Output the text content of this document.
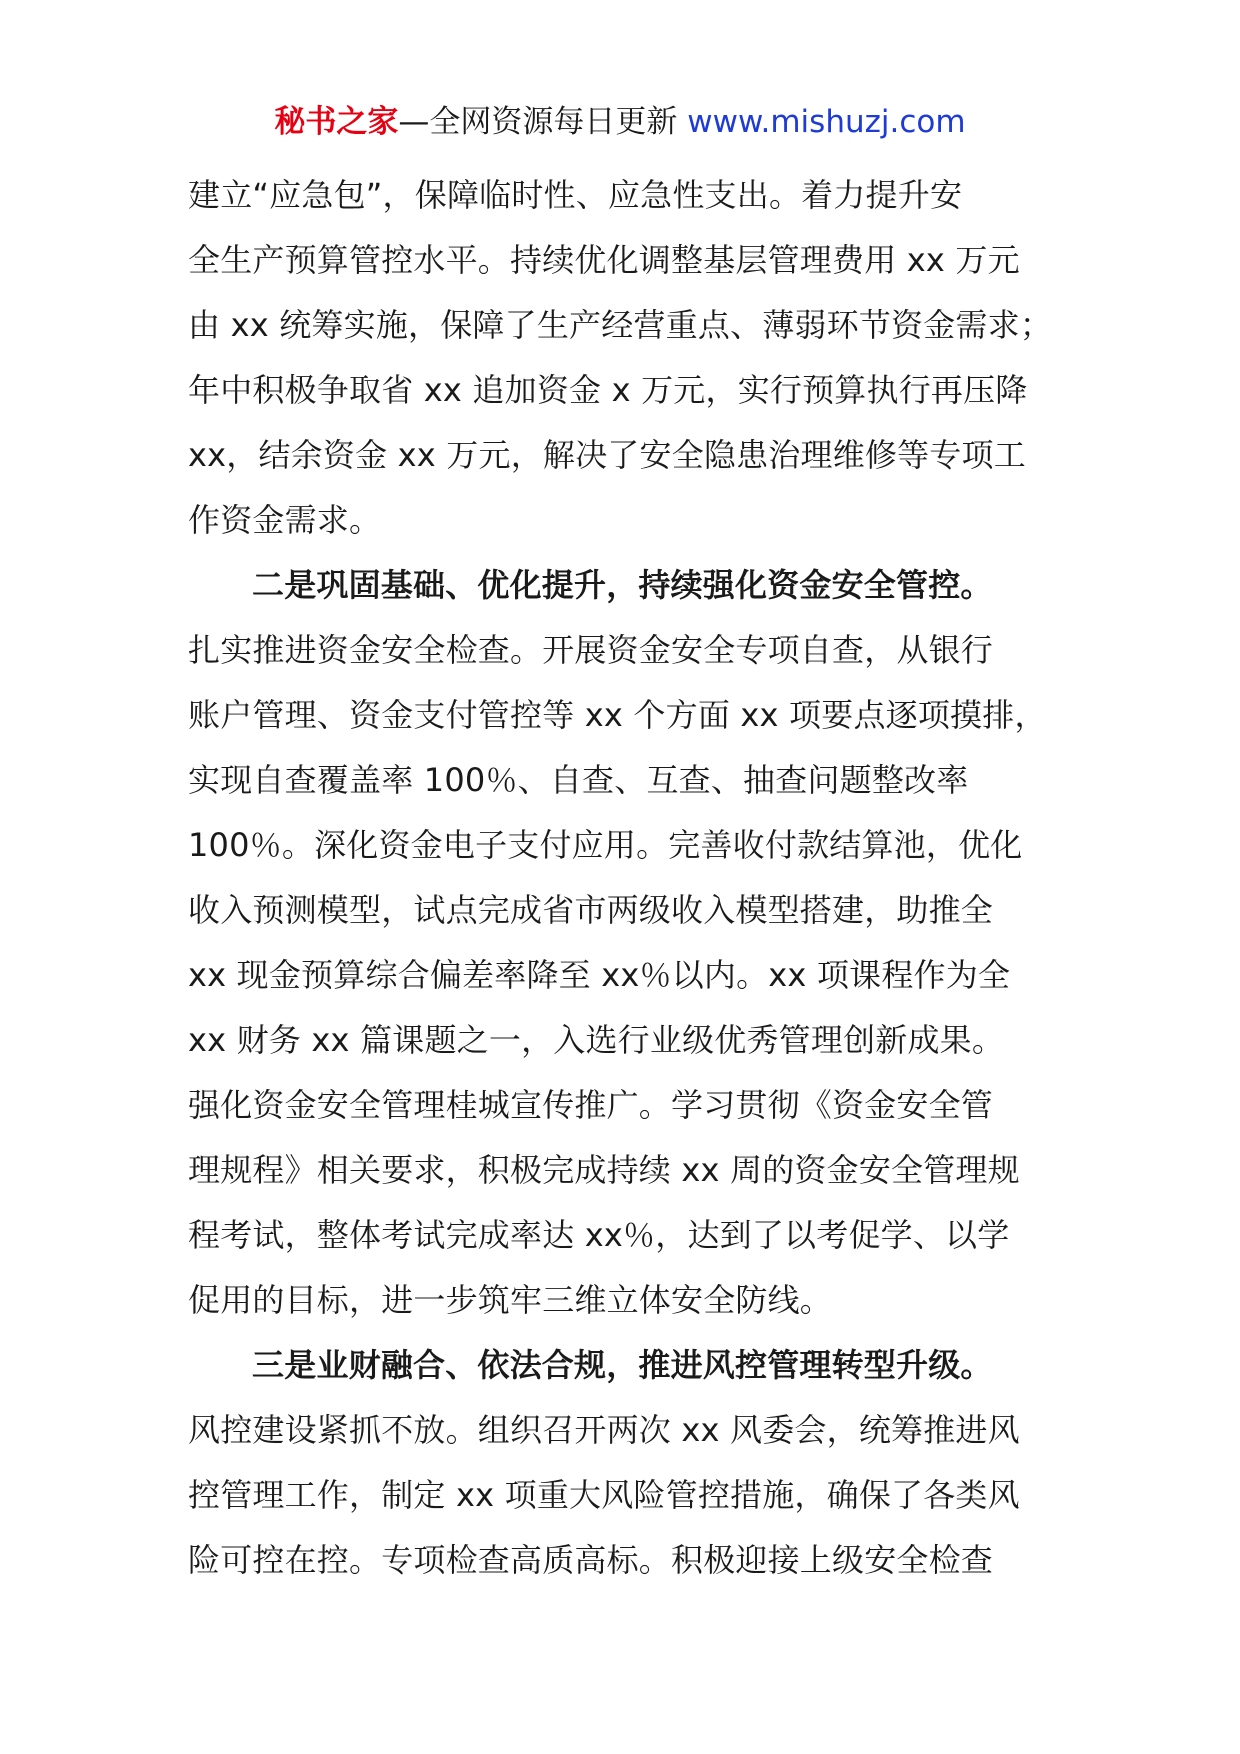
秘书之家—全网资源每日更新 www.mishuzj.com
建立“应急包”，保障临时性、应急性支出。着力提升安
全生产预算管控水平。持续优化调整基层管理费用 xx 万元
由 xx 统筹实施，保障了生产经营重点、薄弱环节资金需求；
年中积极争取省 xx 追加资金 x 万元，实行预算执行再压降
xx，结余资金 xx 万元，解决了安全隐患治理维修等专项工
作资金需求。
二是巩固基础、优化提升，持续强化资金安全管控。
扎实推进资金安全检查。开展资金安全专项自查，从银行
账户管理、资金支付管控等 xx 个方面 xx 项要点逐项摸排，
实现自查覆盖率 100％、自查、互查、抽查问题整改率
100％。深化资金电子支付应用。完善收付款结算池，优化
收入预测模型，试点完成省市两级收入模型搭建，助推全
xx 现金预算综合偏差率降至 xx％以内。xx 项课程作为全
xx 财务 xx 篇课题之一，入选行业级优秀管理创新成果。
强化资金安全管理桂城宣传推广。学习贯彻《资金安全管
理规程》相关要求，积极完成持续 xx 周的资金安全管理规
程考试，整体考试完成率达 xx％，达到了以考促学、以学
促用的目标，进一步筑牢三维立体安全防线。
三是业财融合、依法合规，推进风控管理转型升级。
风控建设紧抓不放。组织召开两次 xx 风委会，统筹推进风
控管理工作，制定 xx 项重大风险管控措施，确保了各类风
险可控在控。专项检查高质高标。积极迎接上级安全检查
